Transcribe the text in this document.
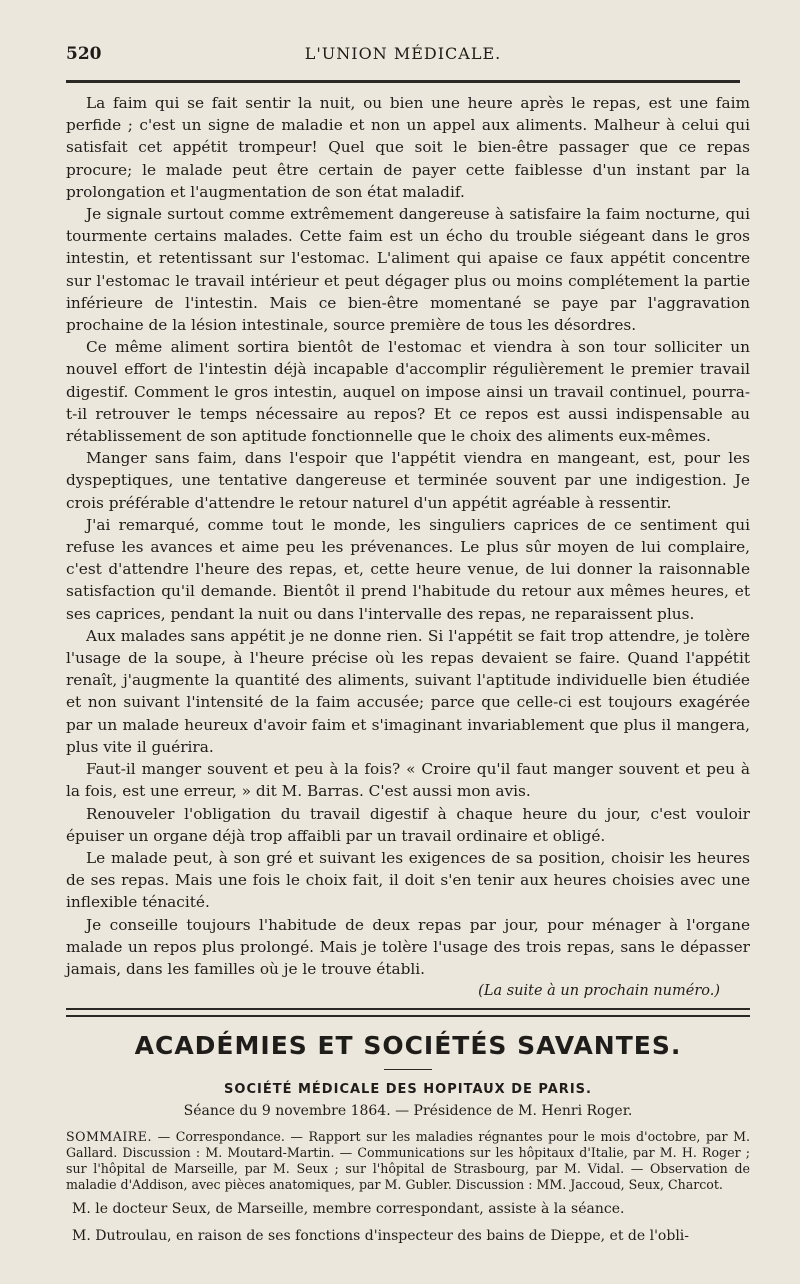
520	L'UNION MÉDICALE.

La faim qui se fait sentir la nuit, ou bien une heure après le repas, est une faim perfide ; c'est un signe de maladie et non un appel aux aliments. Malheur à celui qui satisfait cet appétit trompeur! Quel que soit le bien-être passager que ce repas procure; le malade peut être certain de payer cette faiblesse d'un instant par la prolongation et l'augmentation de son état maladif.

Je signale surtout comme extrêmement dangereuse à satisfaire la faim nocturne, qui tourmente certains malades. Cette faim est un écho du trouble siégeant dans le gros intestin, et retentissant sur l'estomac. L'aliment qui apaise ce faux appétit concentre sur l'estomac le travail intérieur et peut dégager plus ou moins complétement la partie inférieure de l'intestin. Mais ce bien-être momentané se paye par l'aggravation prochaine de la lésion intestinale, source première de tous les désordres.

Ce même aliment sortira bientôt de l'estomac et viendra à son tour solliciter un nouvel effort de l'intestin déjà incapable d'accomplir régulièrement le premier travail digestif. Comment le gros intestin, auquel on impose ainsi un travail continuel, pourra-t-il retrouver le temps nécessaire au repos? Et ce repos est aussi indispensable au rétablissement de son aptitude fonctionnelle que le choix des aliments eux-mêmes.

Manger sans faim, dans l'espoir que l'appétit viendra en mangeant, est, pour les dyspeptiques, une tentative dangereuse et terminée souvent par une indigestion. Je crois préférable d'attendre le retour naturel d'un appétit agréable à ressentir.

J'ai remarqué, comme tout le monde, les singuliers caprices de ce sentiment qui refuse les avances et aime peu les prévenances. Le plus sûr moyen de lui complaire, c'est d'attendre l'heure des repas, et, cette heure venue, de lui donner la raisonnable satisfaction qu'il demande. Bientôt il prend l'habitude du retour aux mêmes heures, et ses caprices, pendant la nuit ou dans l'intervalle des repas, ne reparaissent plus.

Aux malades sans appétit je ne donne rien. Si l'appétit se fait trop attendre, je tolère l'usage de la soupe, à l'heure précise où les repas devaient se faire. Quand l'appétit renaît, j'augmente la quantité des aliments, suivant l'aptitude individuelle bien étudiée et non suivant l'intensité de la faim accusée; parce que celle-ci est toujours exagérée par un malade heureux d'avoir faim et s'imaginant invariablement que plus il mangera, plus vite il guérira.

Faut-il manger souvent et peu à la fois? « Croire qu'il faut manger souvent et peu à la fois, est une erreur, » dit M. Barras. C'est aussi mon avis.

Renouveler l'obligation du travail digestif à chaque heure du jour, c'est vouloir épuiser un organe déjà trop affaibli par un travail ordinaire et obligé.

Le malade peut, à son gré et suivant les exigences de sa position, choisir les heures de ses repas. Mais une fois le choix fait, il doit s'en tenir aux heures choisies avec une inflexible ténacité.

Je conseille toujours l'habitude de deux repas par jour, pour ménager à l'organe malade un repos plus prolongé. Mais je tolère l'usage des trois repas, sans le dépasser jamais, dans les familles où je le trouve établi.

(La suite à un prochain numéro.)

ACADÉMIES ET SOCIÉTÉS SAVANTES.
SOCIÉTÉ MÉDICALE DES HOPITAUX DE PARIS.
Séance du 9 novembre 1864. — Présidence de M. Henri Roger.
SOMMAIRE. — Correspondance. — Rapport sur les maladies régnantes pour le mois d'octobre, par M. Gallard. Discussion : M. Moutard-Martin. — Communications sur les hôpitaux d'Italie, par M. H. Roger ; sur l'hôpital de Marseille, par M. Seux ; sur l'hôpital de Strasbourg, par M. Vidal. — Observation de maladie d'Addison, avec pièces anatomiques, par M. Gubler. Discussion : MM. Jaccoud, Seux, Charcot.

M. le docteur Seux, de Marseille, membre correspondant, assiste à la séance.

M. Dutroulau, en raison de ses fonctions d'inspecteur des bains de Dieppe, et de l'obli-
